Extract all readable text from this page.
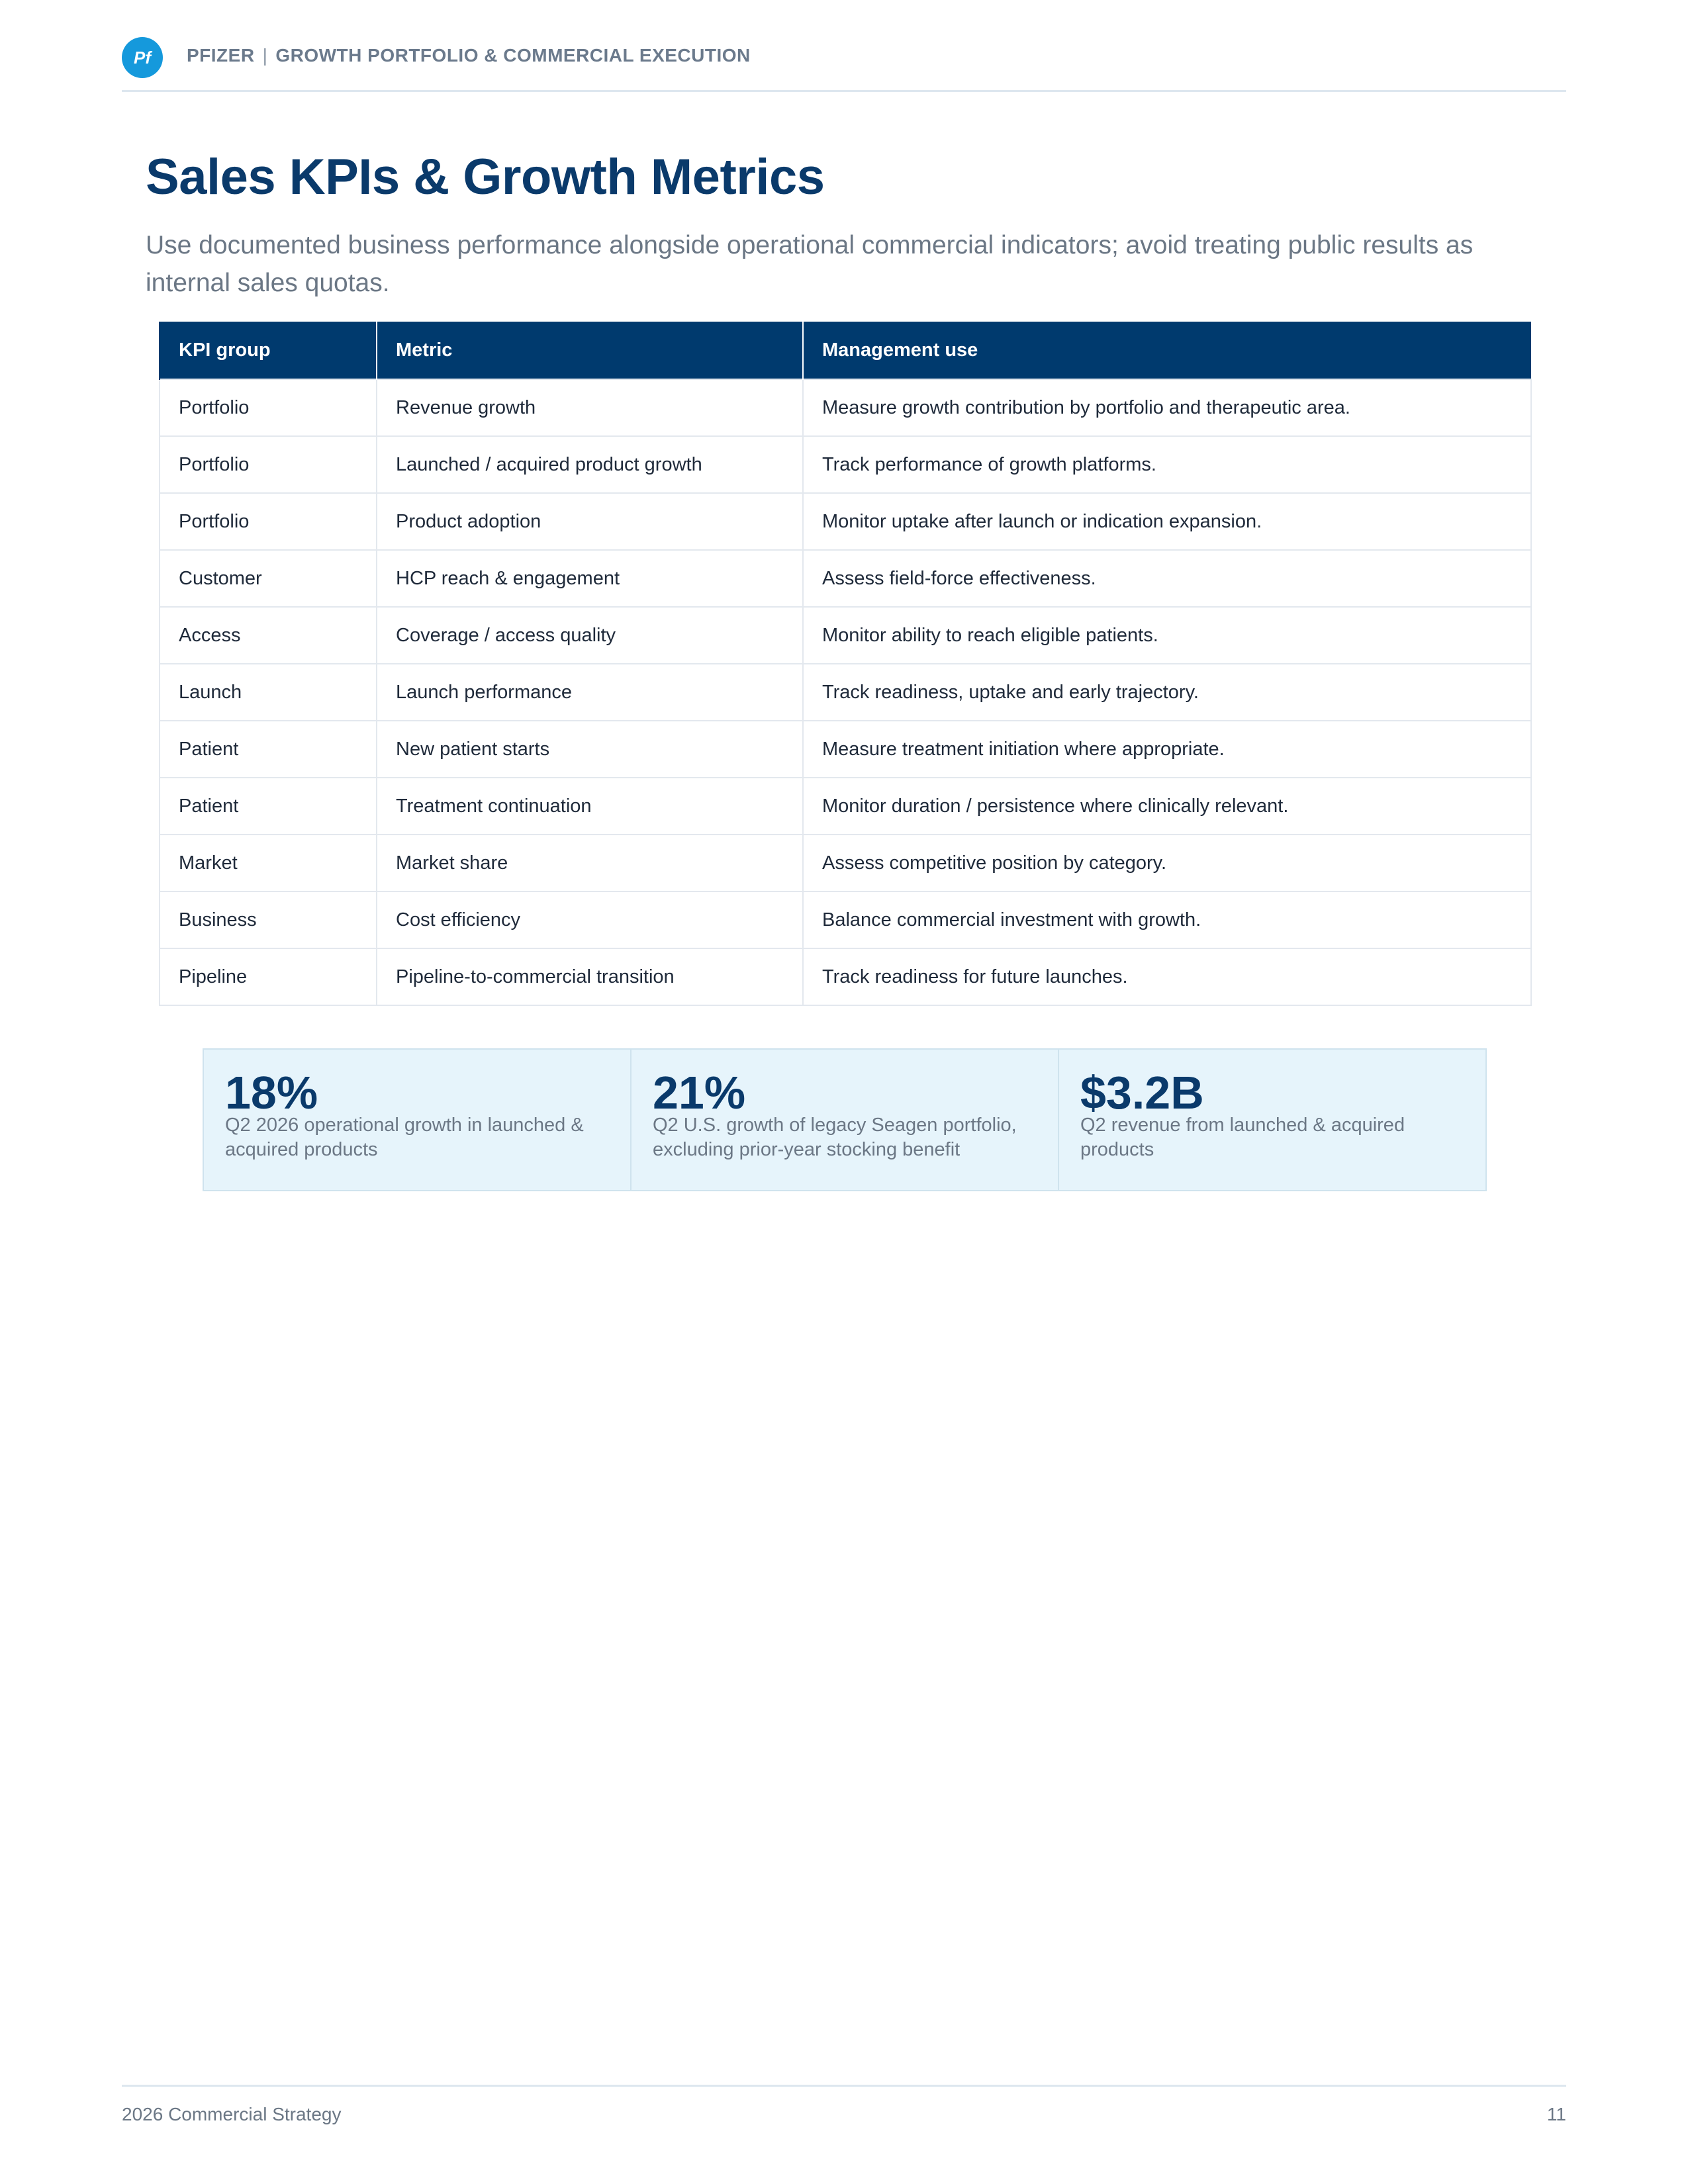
Pf	PFIZER | GROWTH PORTFOLIO & COMMERCIAL EXECUTION
Sales KPIs & Growth Metrics

Use documented business performance alongside operational commercial indicators; avoid treating public results as internal sales quotas.

KPI group	Metric	Management use
Portfolio	Revenue growth	Measure growth contribution by portfolio and therapeutic area.
Portfolio	Launched / acquired product growth	Track performance of growth platforms.
Portfolio	Product adoption	Monitor uptake after launch or indication expansion.
Customer	HCP reach & engagement	Assess field-force effectiveness.
Access	Coverage / access quality	Monitor ability to reach eligible patients.
Launch	Launch performance	Track readiness, uptake and early trajectory.
Patient	New patient starts	Measure treatment initiation where appropriate.
Patient	Treatment continuation	Monitor duration / persistence where clinically relevant.
Market	Market share	Assess competitive position by category.
Business	Cost efficiency	Balance commercial investment with growth.
Pipeline	Pipeline-to-commercial transition	Track readiness for future launches.
18%
Q2 2026 operational growth in launched & acquired products
21%
Q2 U.S. growth of legacy Seagen portfolio, excluding prior-year stocking benefit
$3.2B
Q2 revenue from launched & acquired products
2026 Commercial Strategy	11
